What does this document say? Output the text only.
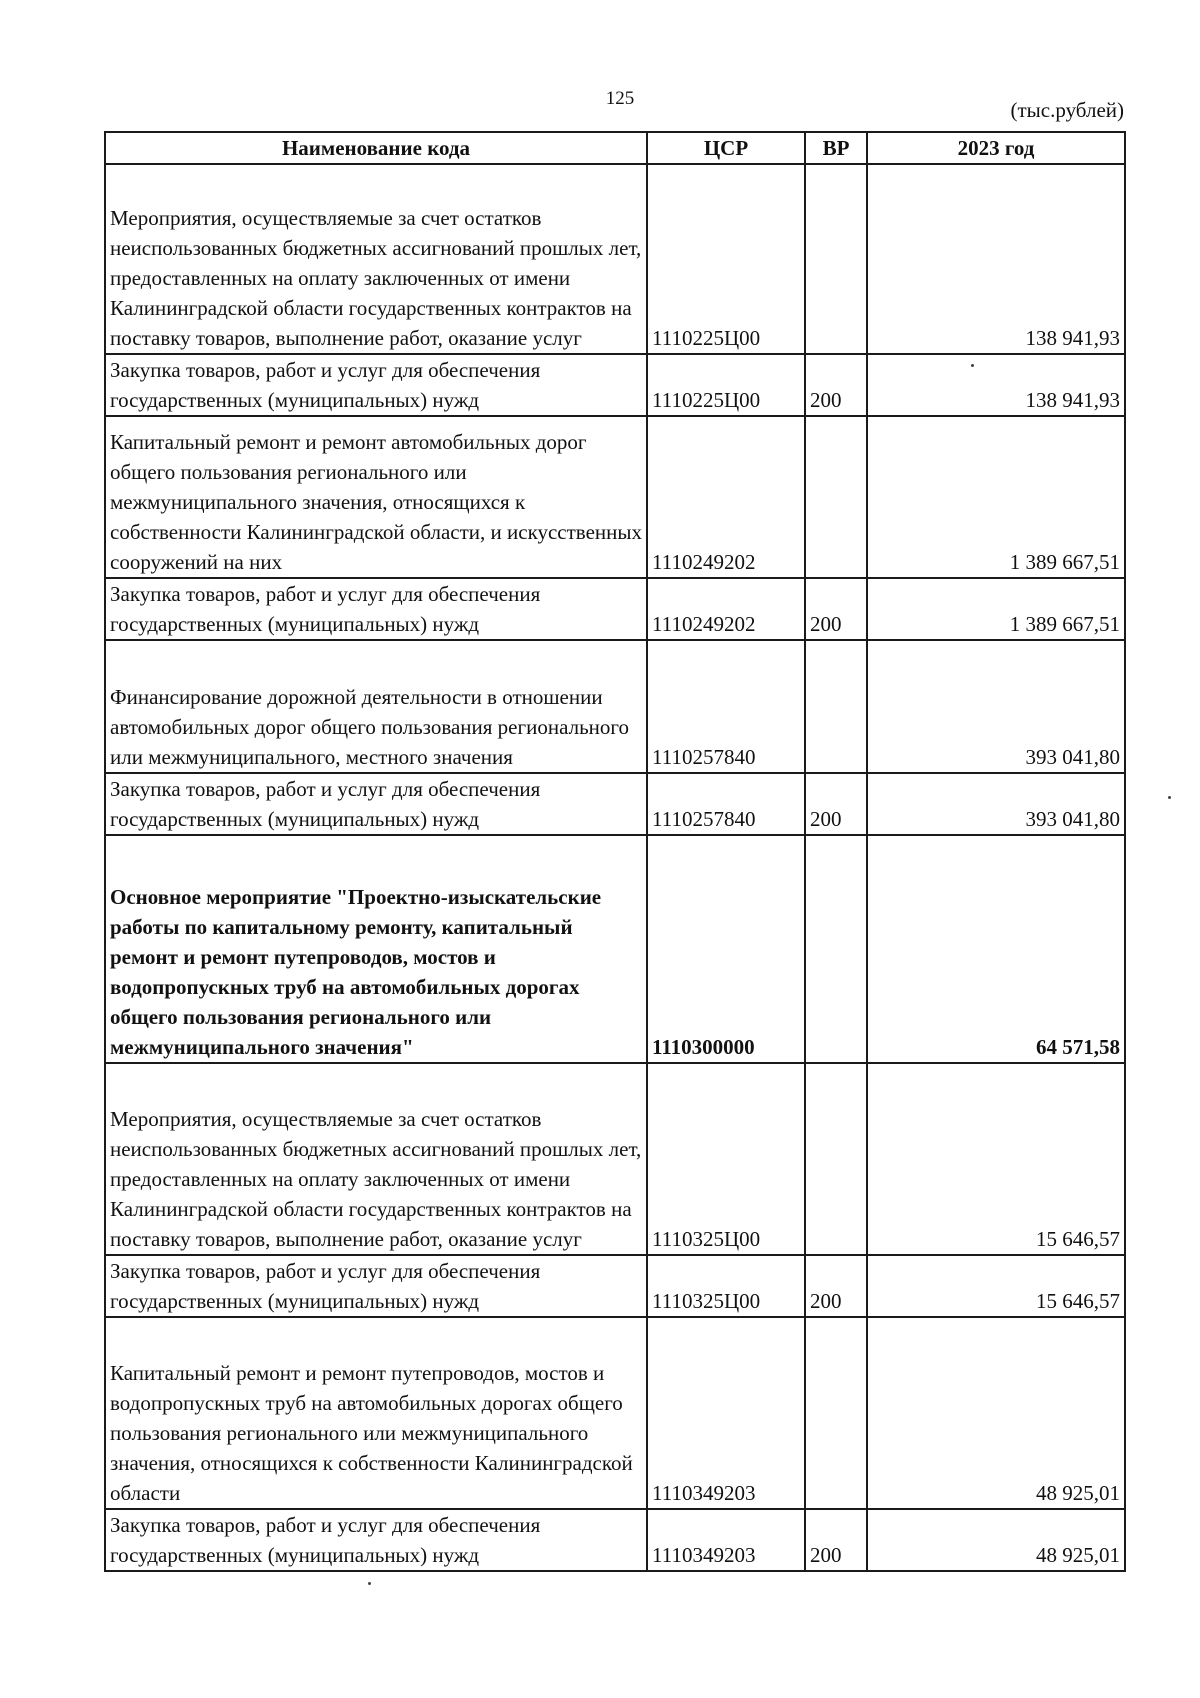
125	(тыс.рублей)
Наименование кода	ЦСР	ВР	2023 год
Мероприятия, осуществляемые за счет остатков неиспользованных бюджетных ассигнований прошлых лет, предоставленных на оплату заключенных от имени Калининградской области государственных контрактов на поставку товаров, выполнение работ, оказание услуг	1110225Ц00		138 941,93
Закупка товаров, работ и услуг для обеспечения государственных (муниципальных) нужд	1110225Ц00	200	138 941,93
Капитальный ремонт и ремонт автомобильных дорог общего пользования регионального или межмуниципального значения, относящихся к собственности Калининградской области, и искусственных сооружений на них	1110249202		1 389 667,51
Закупка товаров, работ и услуг для обеспечения государственных (муниципальных) нужд	1110249202	200	1 389 667,51
Финансирование дорожной деятельности в отношении автомобильных дорог общего пользования регионального или межмуниципального, местного значения	1110257840		393 041,80
Закупка товаров, работ и услуг для обеспечения государственных (муниципальных) нужд	1110257840	200	393 041,80
Основное мероприятие "Проектно-изыскательские работы по капитальному ремонту, капитальный ремонт и ремонт путепроводов, мостов и водопропускных труб на автомобильных дорогах общего пользования регионального или межмуниципального значения"	1110300000		64 571,58
Мероприятия, осуществляемые за счет остатков неиспользованных бюджетных ассигнований прошлых лет, предоставленных на оплату заключенных от имени Калининградской области государственных контрактов на поставку товаров, выполнение работ, оказание услуг	1110325Ц00		15 646,57
Закупка товаров, работ и услуг для обеспечения государственных (муниципальных) нужд	1110325Ц00	200	15 646,57
Капитальный ремонт и ремонт путепроводов, мостов и водопропускных труб на автомобильных дорогах общего пользования регионального или межмуниципального значения, относящихся к собственности Калининградской области	1110349203		48 925,01
Закупка товаров, работ и услуг для обеспечения государственных (муниципальных) нужд	1110349203	200	48 925,01
